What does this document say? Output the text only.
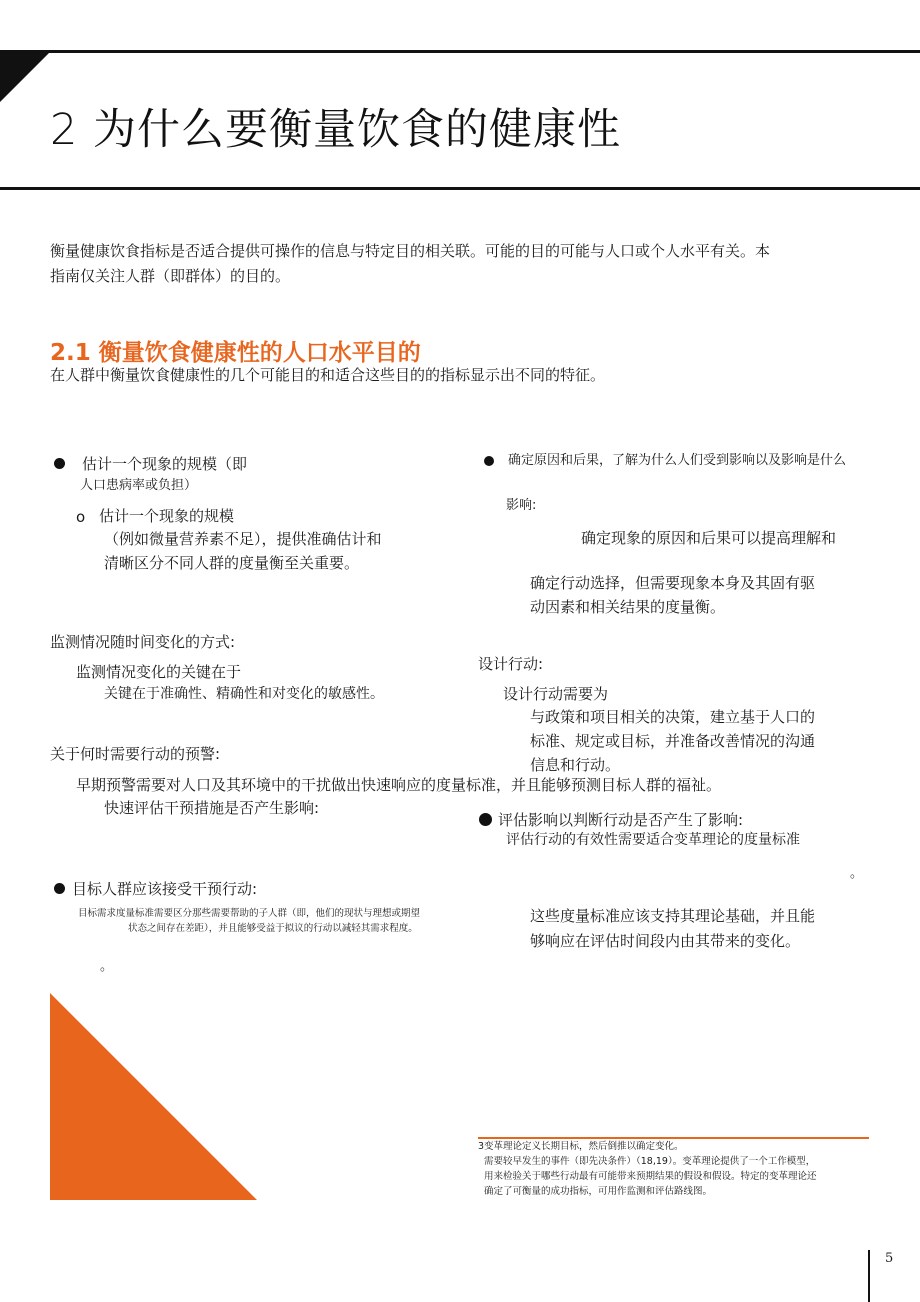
2 为什么要衡量饮食的健康性
衡量健康饮食指标是否适合提供可操作的信息与特定目的相关联。可能的目的可能与人口或个人水平有关。本
指南仅关注人群（即群体）的目的。
2.1 衡量饮食健康性的人口水平目的
在人群中衡量饮食健康性的几个可能目的和适合这些目的的指标显示出不同的特征。
估计一个现象的规模（即
人口患病率或负担）
o 估计一个现象的规模
（例如微量营养素不足），提供准确估计和
清晰区分不同人群的度量衡至关重要。
监测情况随时间变化的方式:
监测情况变化的关键在于
关键在于准确性、精确性和对变化的敏感性。
关于何时需要行动的预警:
早期预警需要对人口及其环境中的干扰做出快速响应的度量标准，并且能够预测目标人群的福祉。
快速评估干预措施是否产生影响:
目标人群应该接受干预行动:
目标需求度量标准需要区分那些需要帮助的子人群（即，他们的现状与理想或期望
状态之间存在差距），并且能够受益于拟议的行动以减轻其需求程度。
。
确定原因和后果，了解为什么人们受到影响以及影响是什么
影响:
确定现象的原因和后果可以提高理解和
确定行动选择，但需要现象本身及其固有驱
动因素和相关结果的度量衡。
设计行动:
设计行动需要为
与政策和项目相关的决策，建立基于人口的
标准、规定或目标，并准备改善情况的沟通
信息和行动。
评估影响以判断行动是否产生了影响:
评估行动的有效性需要适合变革理论的度量标准
。
这些度量标准应该支持其理论基础，并且能
够响应在评估时间段内由其带来的变化。
3变革理论定义长期目标，然后倒推以确定变化。
需要较早发生的事件（即先决条件）（18,19）。变革理论提供了一个工作模型，
用来检验关于哪些行动最有可能带来预期结果的假设和假设。特定的变革理论还
确定了可衡量的成功指标，可用作监测和评估路线图。
5
